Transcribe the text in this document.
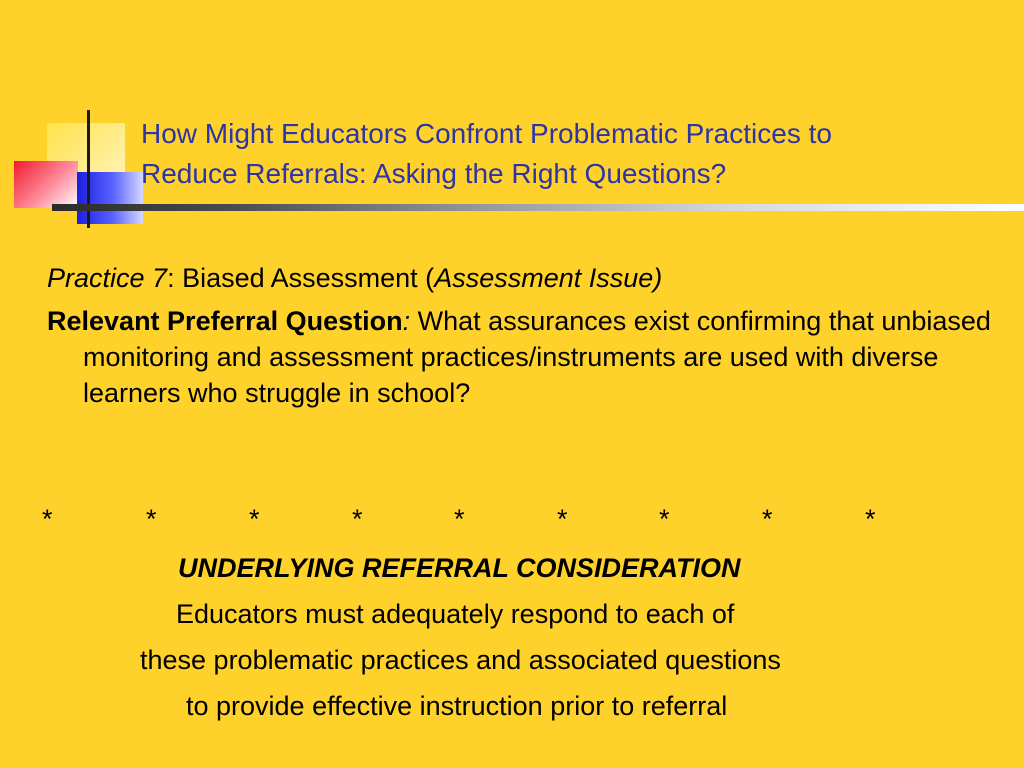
How Might Educators Confront Problematic Practices to
Reduce Referrals: Asking the Right Questions?

Practice 7: Biased Assessment (Assessment Issue)

Relevant Preferral Question: What assurances exist confirming that unbiased monitoring and assessment practices/instruments are used with diverse learners who struggle in school?

*	*	*	*	*	*	*	*	*
UNDERLYING REFERRAL CONSIDERATION
Educators must adequately respond to each of
these problematic practices and associated questions
to provide effective instruction prior to referral
